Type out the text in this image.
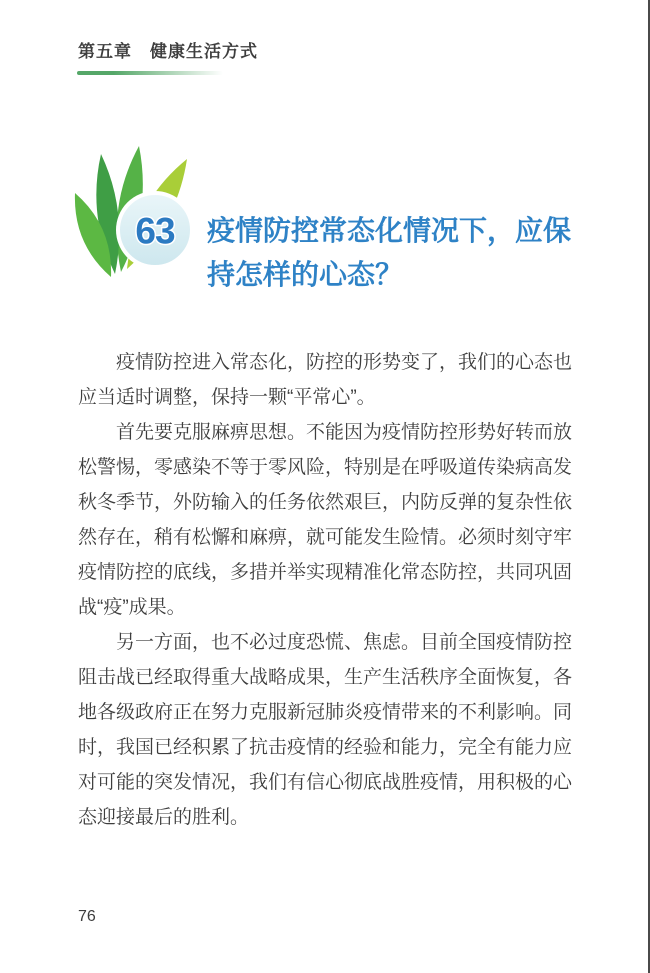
第五章　健康生活方式
63 疫情防控常态化情况下，应保持怎样的心态？

疫情防控进入常态化，防控的形势变了，我们的心态也应当适时调整，保持一颗“平常心”。

首先要克服麻痹思想。不能因为疫情防控形势好转而放松警惕，零感染不等于零风险，特别是在呼吸道传染病高发秋冬季节，外防输入的任务依然艰巨，内防反弹的复杂性依然存在，稍有松懈和麻痹，就可能发生险情。必须时刻守牢疫情防控的底线，多措并举实现精准化常态防控，共同巩固战“疫”成果。

另一方面，也不必过度恐慌、焦虑。目前全国疫情防控阻击战已经取得重大战略成果，生产生活秩序全面恢复，各地各级政府正在努力克服新冠肺炎疫情带来的不利影响。同时，我国已经积累了抗击疫情的经验和能力，完全有能力应对可能的突发情况，我们有信心彻底战胜疫情，用积极的心态迎接最后的胜利。

76
